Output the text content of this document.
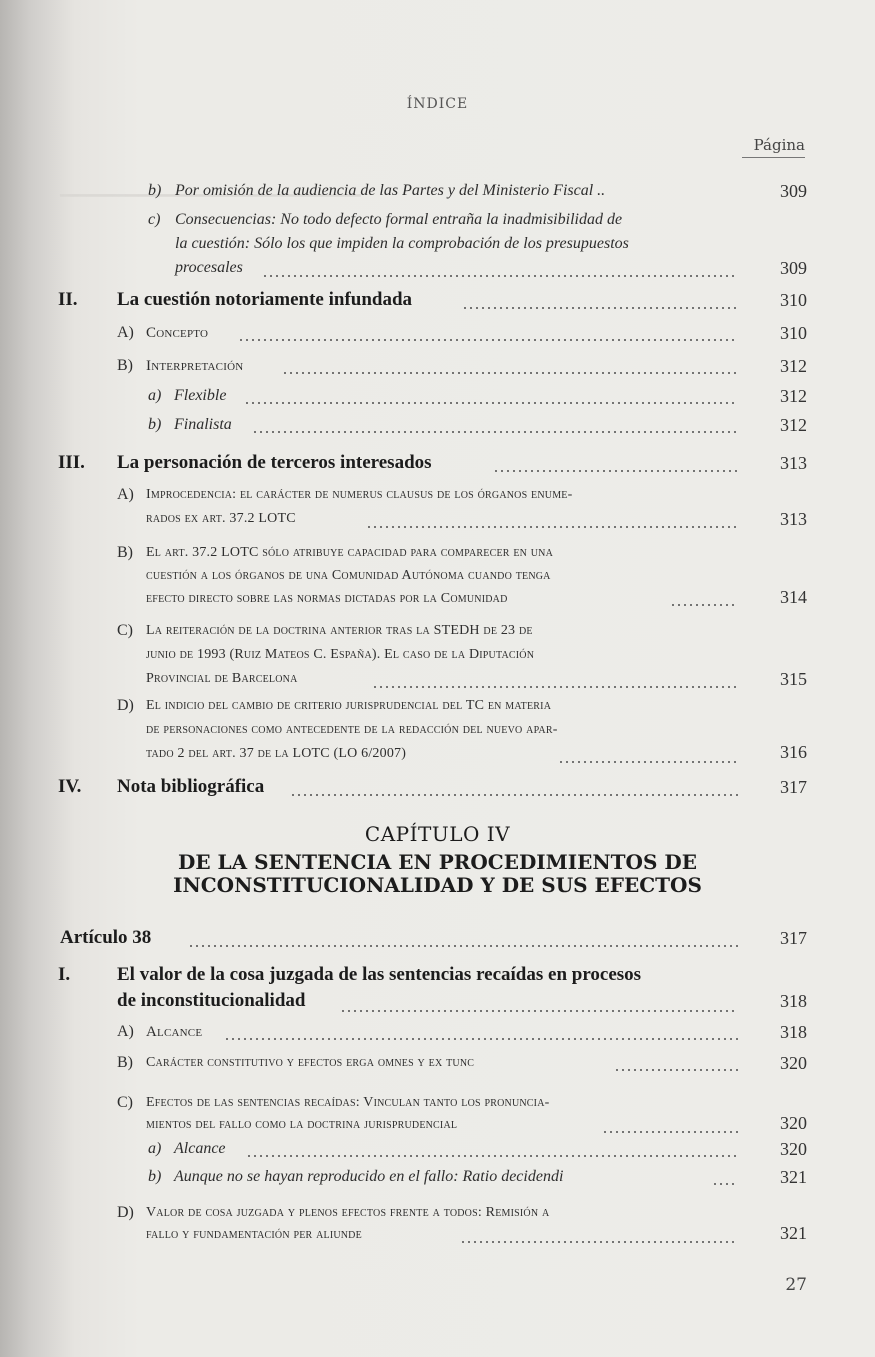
▔▔▔▔▔▔▔▔▔▔▔▔▔▔▔▔▔▔▔▔▔▔▔
ÍNDICE
Página
b) Por omisión de la audiencia de las Partes y del Ministerio Fiscal ..	309
c) Consecuencias: No todo defecto formal entraña la inadmisibilidad de
la cuestión: Sólo los que impiden la comprobación de los presupuestos
procesales	309
II. La cuestión notoriamente infundada	310
A) Concepto	310
B) Interpretación	312
a) Flexible	312
b) Finalista	312
III. La personación de terceros interesados	313
A) Improcedencia: el carácter de numerus clausus de los órganos enume-
rados ex art. 37.2 LOTC	313
B) El art. 37.2 LOTC sólo atribuye capacidad para comparecer en una
cuestión a los órganos de una Comunidad Autónoma cuando tenga
efecto directo sobre las normas dictadas por la Comunidad	314
C) La reiteración de la doctrina anterior tras la STEDH de 23 de
junio de 1993 (Ruiz Mateos C. España). El caso de la Diputación
Provincial de Barcelona	315
D) El indicio del cambio de criterio jurisprudencial del TC en materia
de personaciones como antecedente de la redacción del nuevo apar-
tado 2 del art. 37 de la LOTC (LO 6/2007)	316
IV. Nota bibliográfica	317
CAPÍTULO IV
DE LA SENTENCIA EN PROCEDIMIENTOS DE
INCONSTITUCIONALIDAD Y DE SUS EFECTOS
Artículo 38	317
I. El valor de la cosa juzgada de las sentencias recaídas en procesos
de inconstitucionalidad	318
A) Alcance	318
B) Carácter constitutivo y efectos erga omnes y ex tunc	320
C) Efectos de las sentencias recaídas: Vinculan tanto los pronuncia-
mientos del fallo como la doctrina jurisprudencial	320
a) Alcance	320
b) Aunque no se hayan reproducido en el fallo: Ratio decidendi	321
D) Valor de cosa juzgada y plenos efectos frente a todos: Remisión a
fallo y fundamentación per aliunde	321
27
